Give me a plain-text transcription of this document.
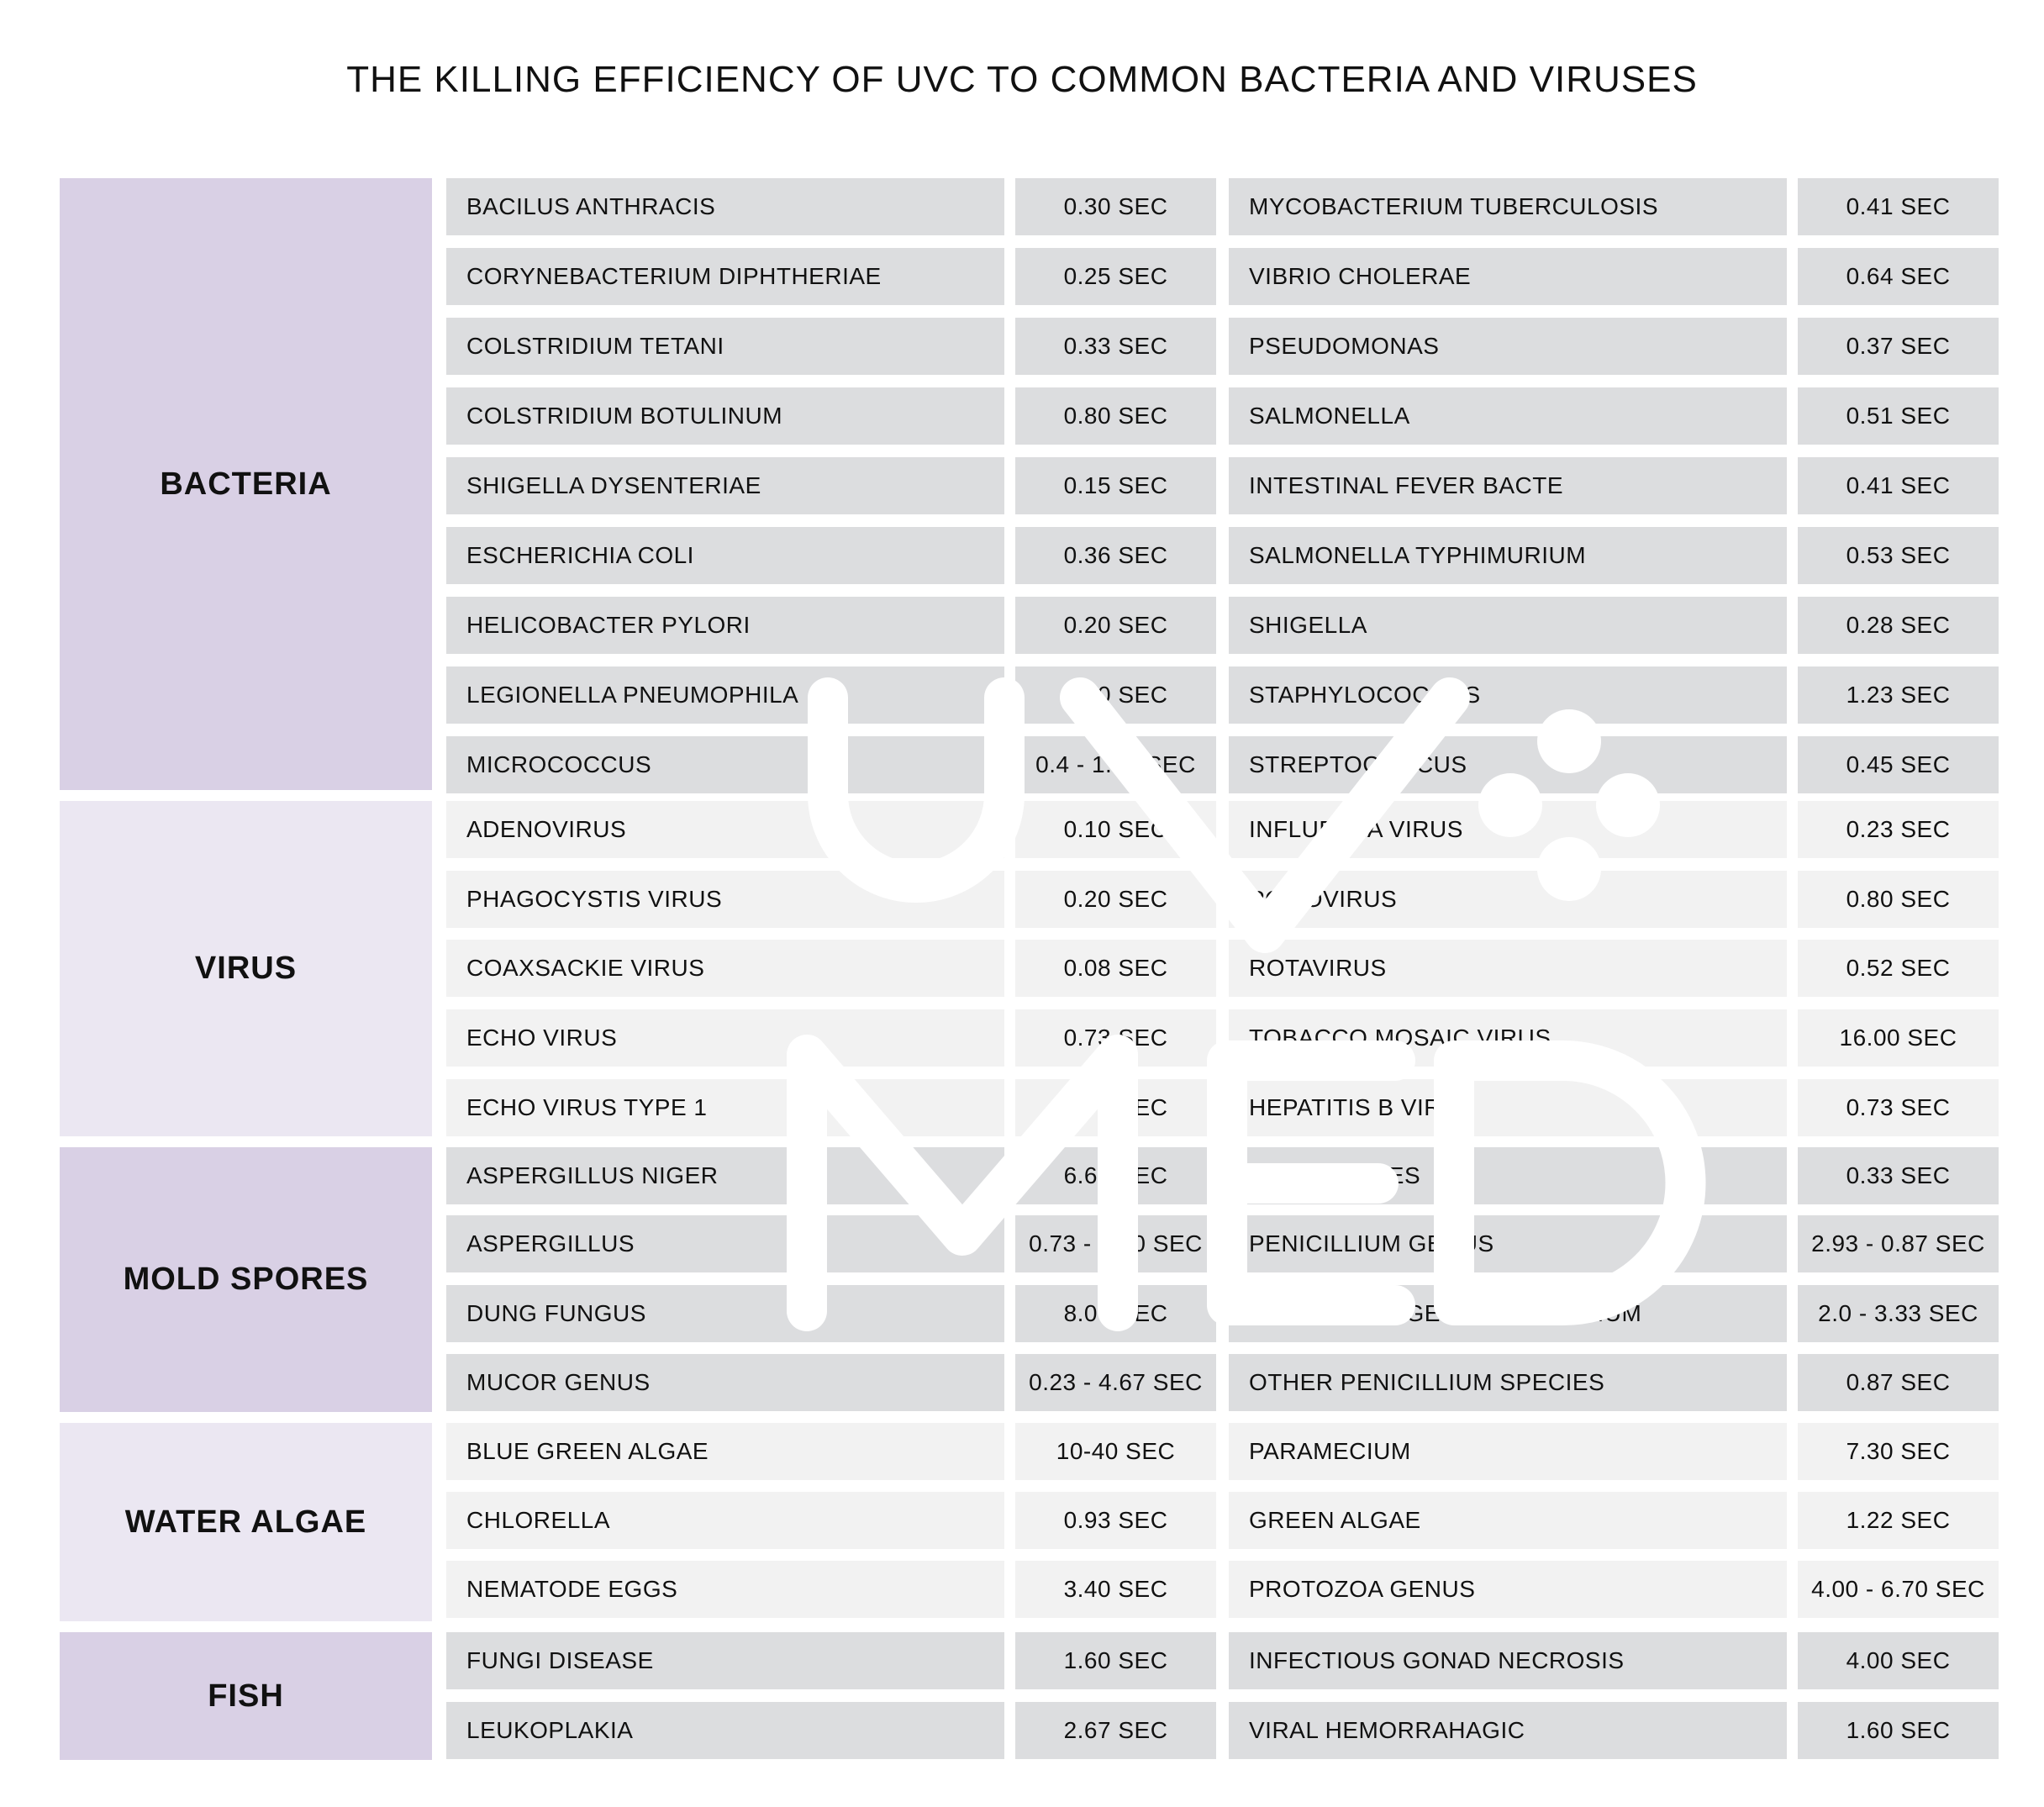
THE KILLING EFFICIENCY OF UVC TO COMMON BACTERIA AND VIRUSES
BACTERIA
BACILUS ANTHRACIS	0.30 SEC	MYCOBACTERIUM TUBERCULOSIS	0.41 SEC
CORYNEBACTERIUM DIPHTHERIAE	0.25 SEC	VIBRIO CHOLERAE	0.64 SEC
COLSTRIDIUM TETANI	0.33 SEC	PSEUDOMONAS	0.37 SEC
COLSTRIDIUM BOTULINUM	0.80 SEC	SALMONELLA	0.51 SEC
SHIGELLA DYSENTERIAE	0.15 SEC	INTESTINAL FEVER BACTE	0.41 SEC
ESCHERICHIA COLI	0.36 SEC	SALMONELLA TYPHIMURIUM	0.53 SEC
HELICOBACTER PYLORI	0.20 SEC	SHIGELLA	0.28 SEC
LEGIONELLA PNEUMOPHILA	0.20 SEC	STAPHYLOCOCCUS	1.23 SEC
MICROCOCCUS	0.4 - 1.53 SEC	STREPTOCOCCUS	0.45 SEC
VIRUS
ADENOVIRUS	0.10 SEC	INFLUENZA VIRUS	0.23 SEC
PHAGOCYSTIS VIRUS	0.20 SEC	POLIOVIRUS	0.80 SEC
COAXSACKIE VIRUS	0.08 SEC	ROTAVIRUS	0.52 SEC
ECHO VIRUS	0.73 SEC	TOBACCO MOSAIC VIRUS	16.00 SEC
ECHO VIRUS TYPE 1	0.75 SEC	HEPATITIS B VIRUS	0.73 SEC
MOLD SPORES
ASPERGILLUS NIGER	6.67 SEC	SOFT SPORES	0.33 SEC
ASPERGILLUS	0.73 - 8.80 SEC	PENICILLIUM GENUS	2.93 - 0.87 SEC
DUNG FUNGUS	8.00 SEC	ENTEROTOXIGENIC PENICILLIUM	2.0 - 3.33 SEC
MUCOR GENUS	0.23 - 4.67 SEC	OTHER PENICILLIUM SPECIES	0.87 SEC
WATER ALGAE
BLUE GREEN ALGAE	10-40 SEC	PARAMECIUM	7.30 SEC
CHLORELLA	0.93 SEC	GREEN ALGAE	1.22 SEC
NEMATODE EGGS	3.40 SEC	PROTOZOA GENUS	4.00 - 6.70 SEC
FISH
FUNGI DISEASE	1.60 SEC	INFECTIOUS GONAD NECROSIS	4.00 SEC
LEUKOPLAKIA	2.67 SEC	VIRAL HEMORRAHAGIC	1.60 SEC
